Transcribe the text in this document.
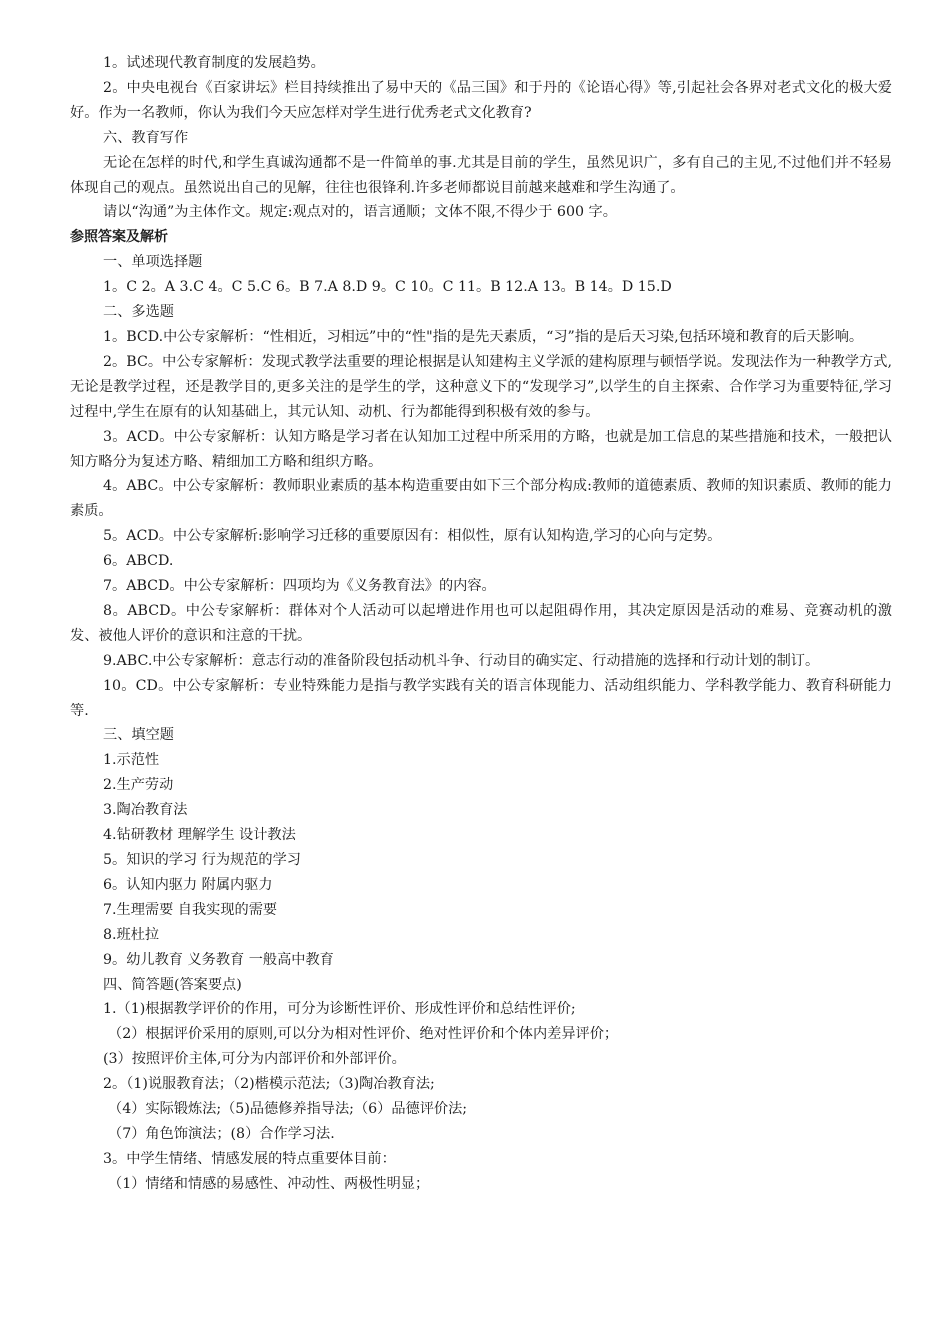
1。试述现代教育制度的发展趋势。

2。中央电视台《百家讲坛》栏目持续推出了易中天的《品三国》和于丹的《论语心得》等,引起社会各界对老式文化的极大爱好。作为一名教师，你认为我们今天应怎样对学生进行优秀老式文化教育?

六、教育写作

无论在怎样的时代,和学生真诚沟通都不是一件简单的事.尤其是目前的学生，虽然见识广，多有自己的主见,不过他们并不轻易体现自己的观点。虽然说出自己的见解，往往也很锋利.许多老师都说目前越来越难和学生沟通了。

请以“沟通”为主体作文。规定:观点对的，语言通顺；文体不限,不得少于 600 字。

参照答案及解析

一、单项选择题

1。C 2。A 3.C 4。C 5.C 6。B 7.A 8.D 9。C 10。C 11。B 12.A 13。B 14。D 15.D

二、多选题

1。BCD.中公专家解析：“性相近，习相远”中的“性"指的是先天素质，“习”指的是后天习染,包括环境和教育的后天影响。

2。BC。中公专家解析：发现式教学法重要的理论根据是认知建构主义学派的建构原理与顿悟学说。发现法作为一种教学方式,无论是教学过程，还是教学目的,更多关注的是学生的学，这种意义下的“发现学习”,以学生的自主探索、合作学习为重要特征,学习过程中,学生在原有的认知基础上，其元认知、动机、行为都能得到积极有效的参与。

3。ACD。中公专家解析：认知方略是学习者在认知加工过程中所采用的方略，也就是加工信息的某些措施和技术，一般把认知方略分为复述方略、精细加工方略和组织方略。

4。ABC。中公专家解析：教师职业素质的基本构造重要由如下三个部分构成:教师的道德素质、教师的知识素质、教师的能力素质。

5。ACD。中公专家解析:影响学习迁移的重要原因有：相似性，原有认知构造,学习的心向与定势。

6。ABCD.

7。ABCD。中公专家解析：四项均为《义务教育法》的内容。

8。ABCD。中公专家解析：群体对个人活动可以起增进作用也可以起阻碍作用，其决定原因是活动的难易、竞赛动机的激发、被他人评价的意识和注意的干扰。

9.ABC.中公专家解析：意志行动的准备阶段包括动机斗争、行动目的确实定、行动措施的选择和行动计划的制订。

10。CD。中公专家解析：专业特殊能力是指与教学实践有关的语言体现能力、活动组织能力、学科教学能力、教育科研能力等.

三、填空题

1.示范性

2.生产劳动

3.陶冶教育法

4.钻研教材 理解学生 设计教法

5。知识的学习 行为规范的学习

6。认知内驱力 附属内驱力

7.生理需要 自我实现的需要

8.班杜拉

9。幼儿教育 义务教育 一般高中教育

四、简答题(答案要点)

1.（1)根据教学评价的作用，可分为诊断性评价、形成性评价和总结性评价;

（2）根据评价采用的原则,可以分为相对性评价、绝对性评价和个体内差异评价；

(3）按照评价主体,可分为内部评价和外部评价。

2。（1)说服教育法；（2)楷模示范法;（3)陶冶教育法;

（4）实际锻炼法;（5)品德修养指导法;（6）品德评价法;

（7）角色饰演法；(8）合作学习法.

3。中学生情绪、情感发展的特点重要体目前：

（1）情绪和情感的易感性、冲动性、两极性明显；
